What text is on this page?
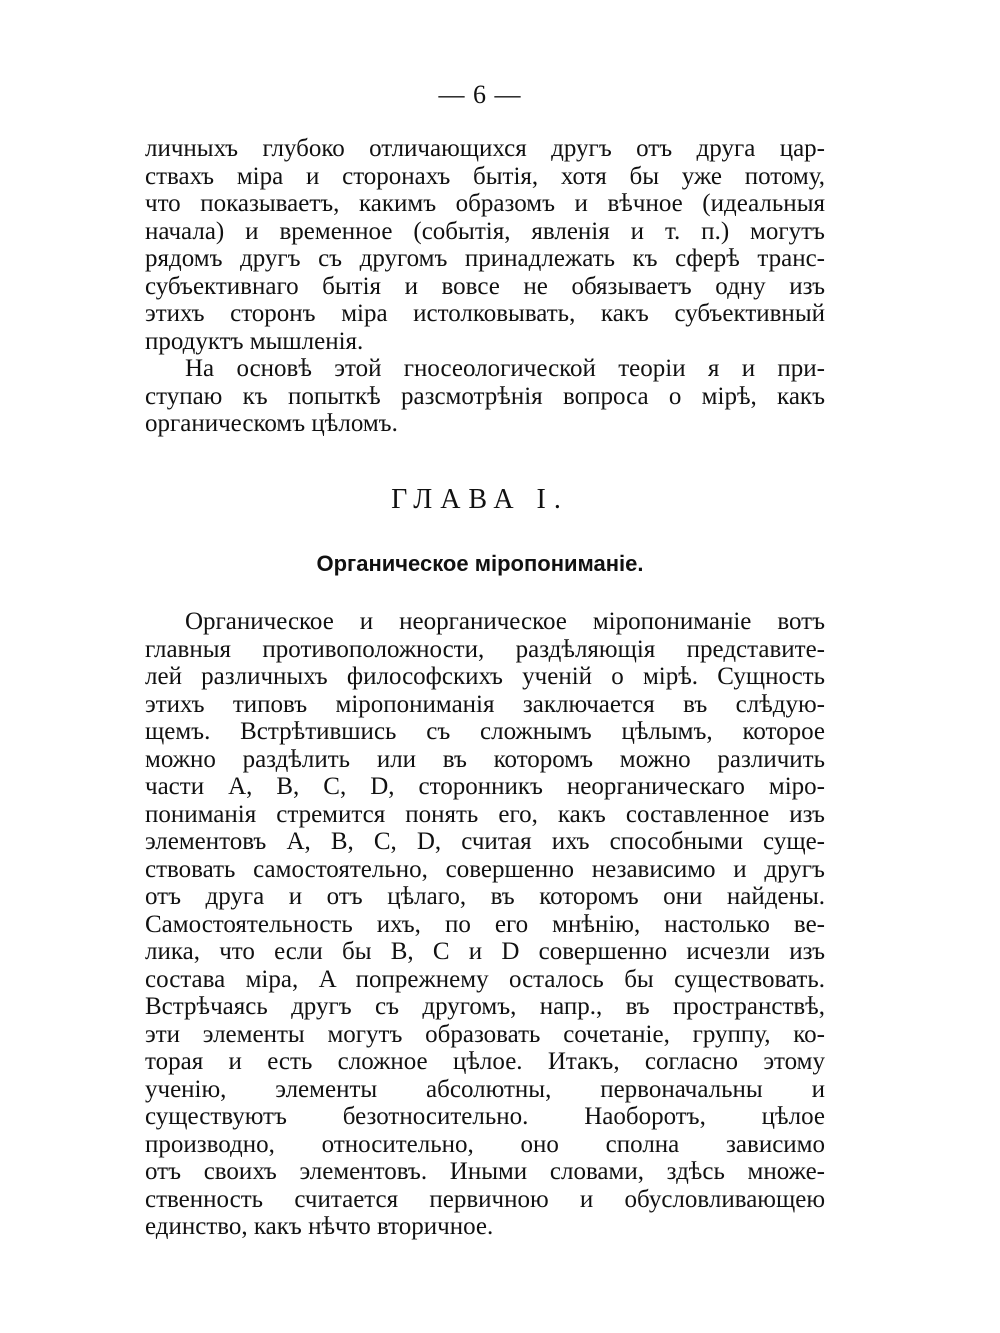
— 6 —
личныхъ глубоко отличающихся другъ отъ друга цар-
ствахъ міра и сторонахъ бытія, хотя бы уже потому,
что показываетъ, какимъ образомъ и вѣчное (идеальныя
начала) и временное (событія, явленія и т. п.) могутъ
рядомъ другъ съ другомъ принадлежать къ сферѣ транс-
субъективнаго бытія и вовсе не обязываетъ одну изъ
этихъ сторонъ міра истолковывать, какъ субъективный
продуктъ мышленія.
На основѣ этой гносеологической теоріи я и при-
ступаю къ попыткѣ разсмотрѣнія вопроса о мірѣ, какъ
органическомъ цѣломъ.
ГЛАВА I.
Органическое міропониманіе.
Органическое и неорганическое міропониманіе вотъ
главныя противоположности, раздѣляющія представите-
лей различныхъ философскихъ ученій о мірѣ. Сущность
этихъ типовъ міропониманія заключается въ слѣдую-
щемъ. Встрѣтившись съ сложнымъ цѣлымъ, которое
можно раздѣлить или въ которомъ можно различить
части A, B, C, D, сторонникъ неорганическаго міро-
пониманія стремится понять его, какъ составленное изъ
элементовъ A, B, C, D, считая ихъ способными суще-
ствовать самостоятельно, совершенно независимо и другъ
отъ друга и отъ цѣлаго, въ которомъ они найдены.
Самостоятельность ихъ, по его мнѣнію, настолько ве-
лика, что если бы B, C и D совершенно исчезли изъ
состава міра, A попрежнему осталось бы существовать.
Встрѣчаясь другъ съ другомъ, напр., въ пространствѣ,
эти элементы могутъ образовать сочетаніе, группу, ко-
торая и есть сложное цѣлое. Итакъ, согласно этому
ученію, элементы абсолютны, первоначальны и
существуютъ безотносительно. Наоборотъ, цѣлое
производно, относительно, оно сполна зависимо
отъ своихъ элементовъ. Иными словами, здѣсь множе-
ственность считается первичною и обусловливающею
единство, какъ нѣчто вторичное.
